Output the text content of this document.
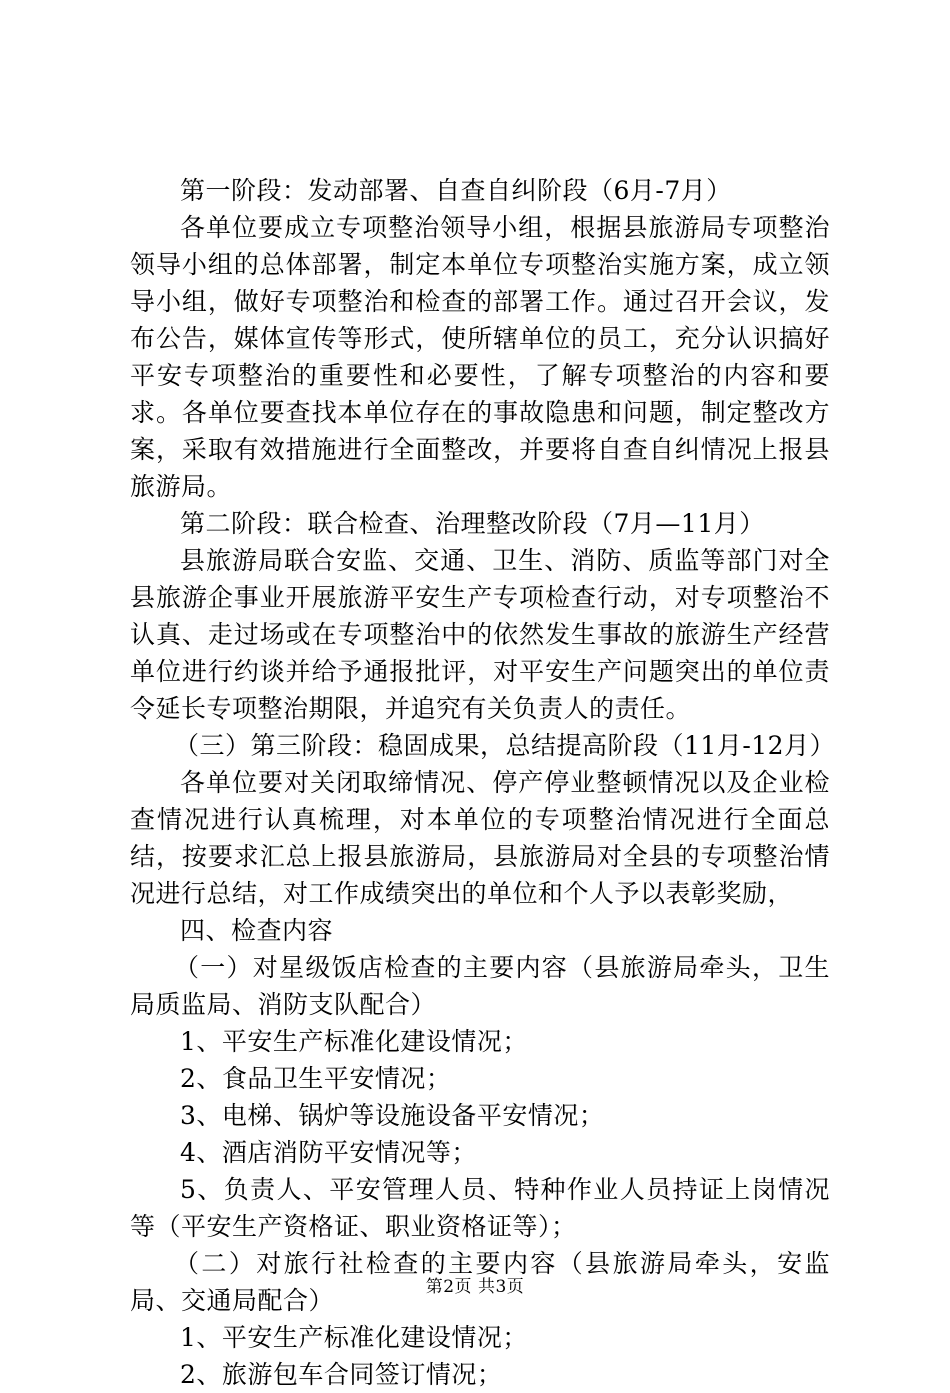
第一阶段：发动部署、自查自纠阶段（6月-7月）

各单位要成立专项整治领导小组，根据县旅游局专项整治领导小组的总体部署，制定本单位专项整治实施方案，成立领导小组，做好专项整治和检查的部署工作。通过召开会议，发布公告，媒体宣传等形式，使所辖单位的员工，充分认识搞好平安专项整治的重要性和必要性，了解专项整治的内容和要求。各单位要查找本单位存在的事故隐患和问题，制定整改方案，采取有效措施进行全面整改，并要将自查自纠情况上报县旅游局。

第二阶段：联合检查、治理整改阶段（7月—11月）

县旅游局联合安监、交通、卫生、消防、质监等部门对全县旅游企事业开展旅游平安生产专项检查行动，对专项整治不认真、走过场或在专项整治中的依然发生事故的旅游生产经营单位进行约谈并给予通报批评，对平安生产问题突出的单位责令延长专项整治期限，并追究有关负责人的责任。

（三）第三阶段：稳固成果，总结提高阶段（11月-12月）

各单位要对关闭取缔情况、停产停业整顿情况以及企业检查情况进行认真梳理，对本单位的专项整治情况进行全面总结，按要求汇总上报县旅游局，县旅游局对全县的专项整治情况进行总结，对工作成绩突出的单位和个人予以表彰奖励，

四、检查内容

（一）对星级饭店检查的主要内容（县旅游局牵头，卫生局质监局、消防支队配合）

1、平安生产标准化建设情况；

2、食品卫生平安情况；

3、电梯、锅炉等设施设备平安情况；

4、酒店消防平安情况等；

5、负责人、平安管理人员、特种作业人员持证上岗情况等（平安生产资格证、职业资格证等）；

（二）对旅行社检查的主要内容（县旅游局牵头，安监局、交通局配合）

1、平安生产标准化建设情况；

2、旅游包车合同签订情况；

第2页 共3页
